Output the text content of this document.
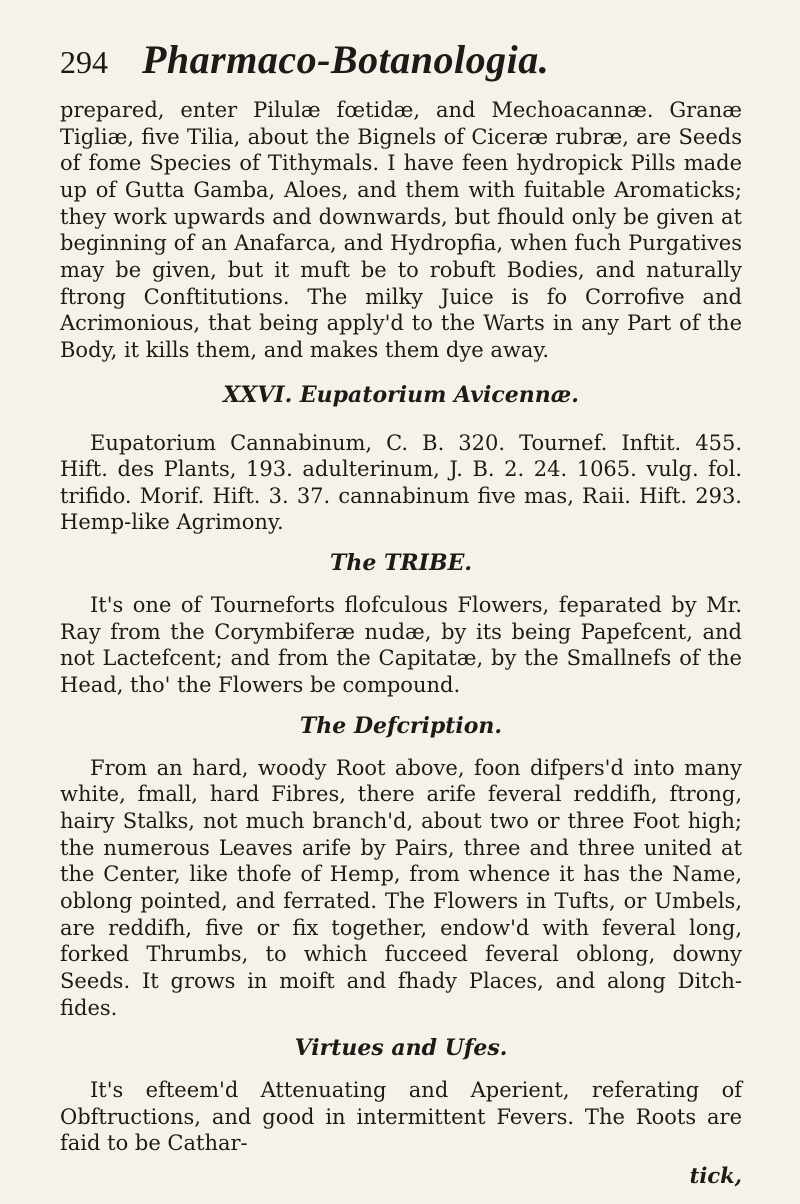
294 Pharmaco-Botanologia.

prepared, enter Pilulæ fœtidæ, and Mechoacannæ. Granæ Tigliæ, five Tilia, about the Bignels of Ciceræ rubræ, are Seeds of fome Species of Tithymals. I have feen hydropick Pills made up of Gutta Gamba, Aloes, and them with fuitable Aromaticks; they work upwards and downwards, but fhould only be given at beginning of an Anafarca, and Hydropfia, when fuch Purgatives may be given, but it muft be to robuft Bodies, and naturally ftrong Conftitutions. The milky Juice is fo Corrofive and Acrimonious, that being apply'd to the Warts in any Part of the Body, it kills them, and makes them dye away.

XXVI. Eupatorium Avicennæ.

Eupatorium Cannabinum, C. B. 320. Tournef. Inftit. 455. Hift. des Plants, 193. adulterinum, J. B. 2. 24. 1065. vulg. fol. trifido. Morif. Hift. 3. 37. cannabinum five mas, Raii. Hift. 293. Hemp-like Agrimony.

The TRIBE.

It's one of Tourneforts flofculous Flowers, feparated by Mr. Ray from the Corymbiferæ nudæ, by its being Papefcent, and not Lactefcent; and from the Capitatæ, by the Smallnefs of the Head, tho' the Flowers be compound.

The Defcription.

From an hard, woody Root above, foon difpers'd into many white, fmall, hard Fibres, there arife feveral reddifh, ftrong, hairy Stalks, not much branch'd, about two or three Foot high; the numerous Leaves arife by Pairs, three and three united at the Center, like thofe of Hemp, from whence it has the Name, oblong pointed, and ferrated. The Flowers in Tufts, or Umbels, are reddifh, five or fix together, endow'd with feveral long, forked Thrumbs, to which fucceed feveral oblong, downy Seeds. It grows in moift and fhady Places, and along Ditch-fides.

Virtues and Ufes.

It's efteem'd Attenuating and Aperient, referating of Obftructions, and good in intermittent Fevers. The Roots are faid to be Cathar-

tick,
